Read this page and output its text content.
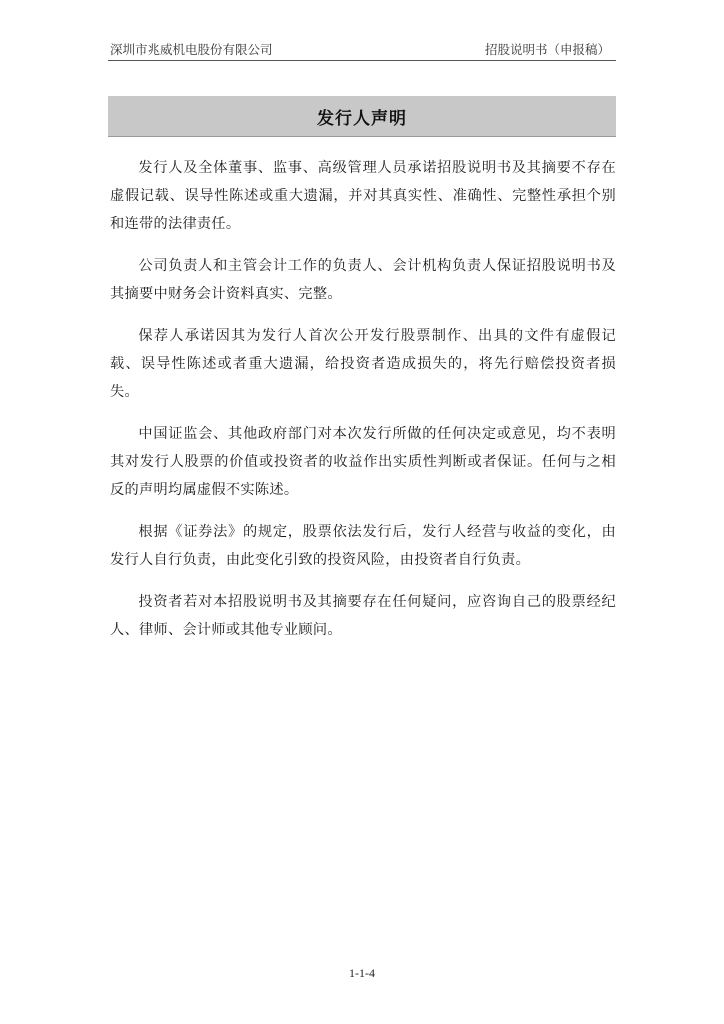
深圳市兆威机电股份有限公司	招股说明书（申报稿）
发行人声明

发行人及全体董事、监事、高级管理人员承诺招股说明书及其摘要不存在虚假记载、误导性陈述或重大遗漏，并对其真实性、准确性、完整性承担个别和连带的法律责任。

公司负责人和主管会计工作的负责人、会计机构负责人保证招股说明书及其摘要中财务会计资料真实、完整。

保荐人承诺因其为发行人首次公开发行股票制作、出具的文件有虚假记载、误导性陈述或者重大遗漏，给投资者造成损失的，将先行赔偿投资者损失。

中国证监会、其他政府部门对本次发行所做的任何决定或意见，均不表明其对发行人股票的价值或投资者的收益作出实质性判断或者保证。任何与之相反的声明均属虚假不实陈述。

根据《证券法》的规定，股票依法发行后，发行人经营与收益的变化，由发行人自行负责，由此变化引致的投资风险，由投资者自行负责。

投资者若对本招股说明书及其摘要存在任何疑问，应咨询自己的股票经纪人、律师、会计师或其他专业顾问。

1-1-4
